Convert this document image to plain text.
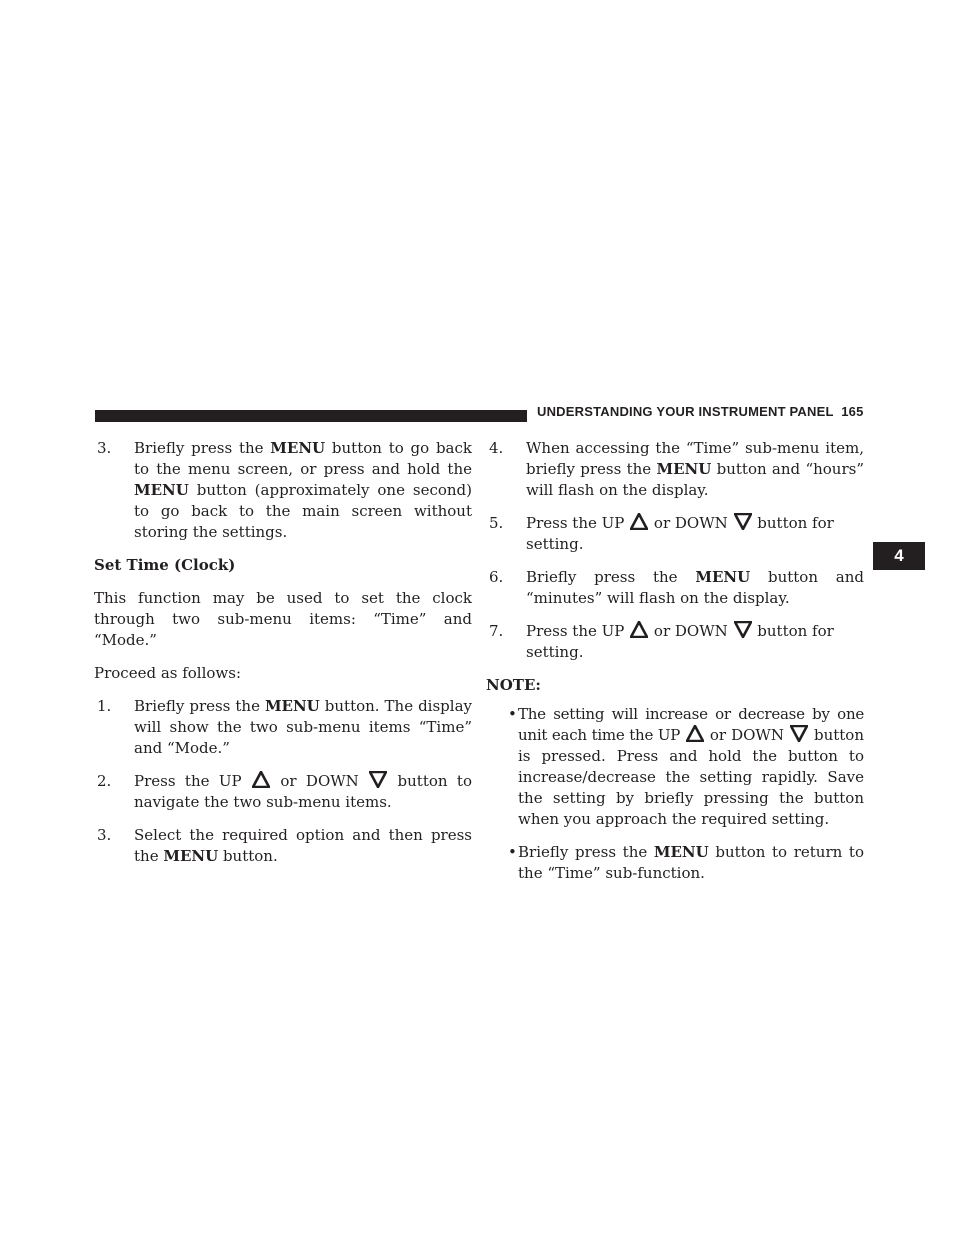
UNDERSTANDING YOUR INSTRUMENT PANEL 165
4
3. Briefly press the MENU button to go back to the menu screen, or press and hold the MENU button (approximately one second) to go back to the main screen without storing the settings.
Set Time (Clock)
This function may be used to set the clock through two sub-menu items: “Time” and “Mode.”
Proceed as follows:
1. Briefly press the MENU button. The display will show the two sub-menu items “Time” and “Mode.”
2. Press the UP
or DOWN
button to navigate the two sub-menu items.
3. Select the required option and then press the MENU button.
4. When accessing the “Time” sub-menu item, briefly press the MENU button and “hours” will flash on the display.
5. Press the UP
or DOWN
button for setting.
6. Briefly press the MENU button and “minutes” will flash on the display.
7. Press the UP
or DOWN
button for setting.
NOTE:
• The setting will increase or decrease by one unit each time the UP
or DOWN
button is pressed. Press and hold the button to increase/decrease the setting rapidly. Save the setting by briefly pressing the button when you approach the required setting.
• Briefly press the MENU button to return to the “Time” sub-function.
